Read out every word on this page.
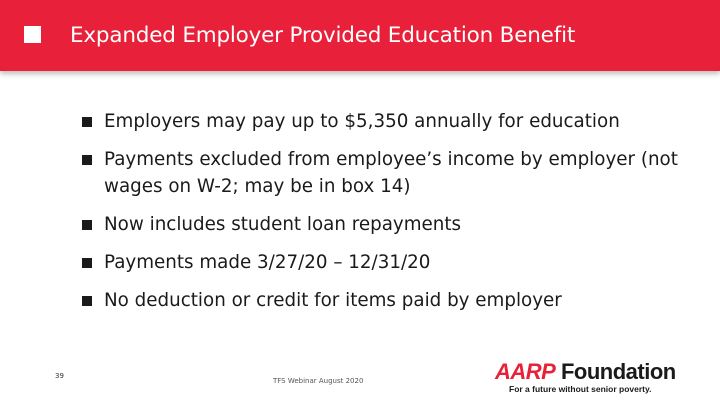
Expanded Employer Provided Education Benefit
Employers may pay up to $5,350 annually for education
Payments excluded from employee’s income by employer (not wages on W-2; may be in box 14)
Now includes student loan repayments
Payments made 3/27/20 – 12/31/20
No deduction or credit for items paid by employer
39
TFS Webinar August 2020	AARP Foundation
For a future without senior poverty.
